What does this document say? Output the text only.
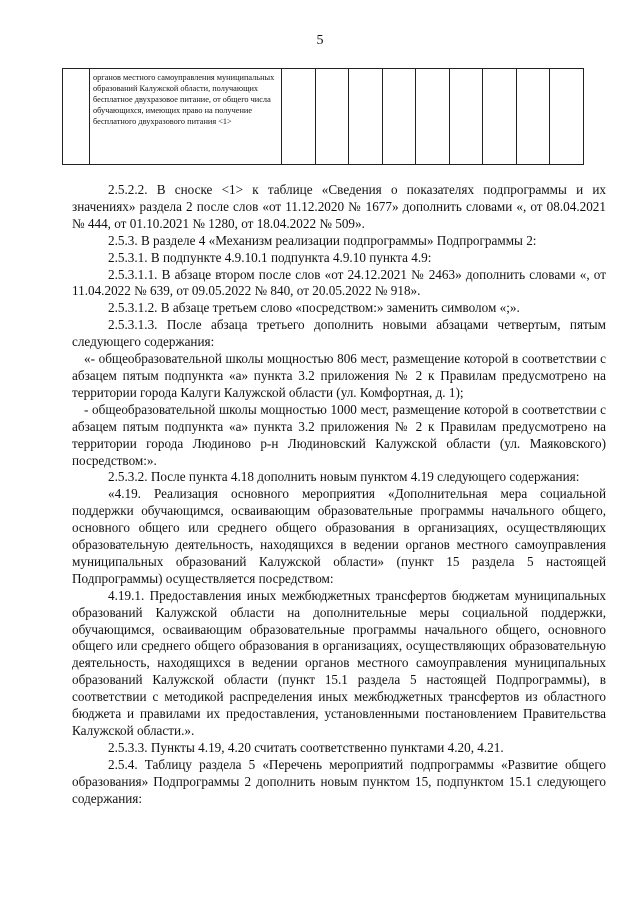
5
	органов местного самоуправления муниципальных образований Калужской области, получающих бесплатное двухразовое питание, от общего числа обучающихся, имеющих право на получение бесплатного двухразового питания <1>									

2.5.2.2. В сноске <1> к таблице «Сведения о показателях подпрограммы и их значениях» раздела 2 после слов «от 11.12.2020 № 1677» дополнить словами «, от 08.04.2021 № 444, от 01.10.2021 № 1280, от 18.04.2022 № 509».

2.5.3. В разделе 4 «Механизм реализации подпрограммы» Подпрограммы 2:

2.5.3.1. В подпункте 4.9.10.1 подпункта 4.9.10 пункта 4.9:

2.5.3.1.1. В абзаце втором после слов «от 24.12.2021 № 2463» дополнить словами «, от 11.04.2022 № 639, от 09.05.2022 № 840, от 20.05.2022 № 918».

2.5.3.1.2. В абзаце третьем слово «посредством:» заменить символом «;».

2.5.3.1.3. После абзаца третьего дополнить новыми абзацами четвертым, пятым следующего содержания:

«- общеобразовательной школы мощностью 806 мест, размещение которой в соответствии с абзацем пятым подпункта «а» пункта 3.2 приложения № 2 к Правилам предусмотрено на территории города Калуги Калужской области (ул. Комфортная, д. 1);

- общеобразовательной школы мощностью 1000 мест, размещение которой в соответствии с абзацем пятым подпункта «а» пункта 3.2 приложения № 2 к Правилам предусмотрено на территории города Людиново р-н Людиновский Калужской области (ул. Маяковского) посредством:».

2.5.3.2. После пункта 4.18 дополнить новым пунктом 4.19 следующего содержания:

«4.19. Реализация основного мероприятия «Дополнительная мера социальной поддержки обучающимся, осваивающим образовательные программы начального общего, основного общего или среднего общего образования в организациях, осуществляющих образовательную деятельность, находящихся в ведении органов местного самоуправления муниципальных образований Калужской области» (пункт 15 раздела 5 настоящей Подпрограммы) осуществляется посредством:

4.19.1. Предоставления иных межбюджетных трансфертов бюджетам муниципальных образований Калужской области на дополнительные меры социальной поддержки, обучающимся, осваивающим образовательные программы начального общего, основного общего или среднего общего образования в организациях, осуществляющих образовательную деятельность, находящихся в ведении органов местного самоуправления муниципальных образований Калужской области (пункт 15.1 раздела 5 настоящей Подпрограммы), в соответствии с методикой распределения иных межбюджетных трансфертов из областного бюджета и правилами их предоставления, установленными постановлением Правительства Калужской области.».

2.5.3.3. Пункты 4.19, 4.20 считать соответственно пунктами 4.20, 4.21.

2.5.4. Таблицу раздела 5 «Перечень мероприятий подпрограммы «Развитие общего образования» Подпрограммы 2 дополнить новым пунктом 15, подпунктом 15.1 следующего содержания:
